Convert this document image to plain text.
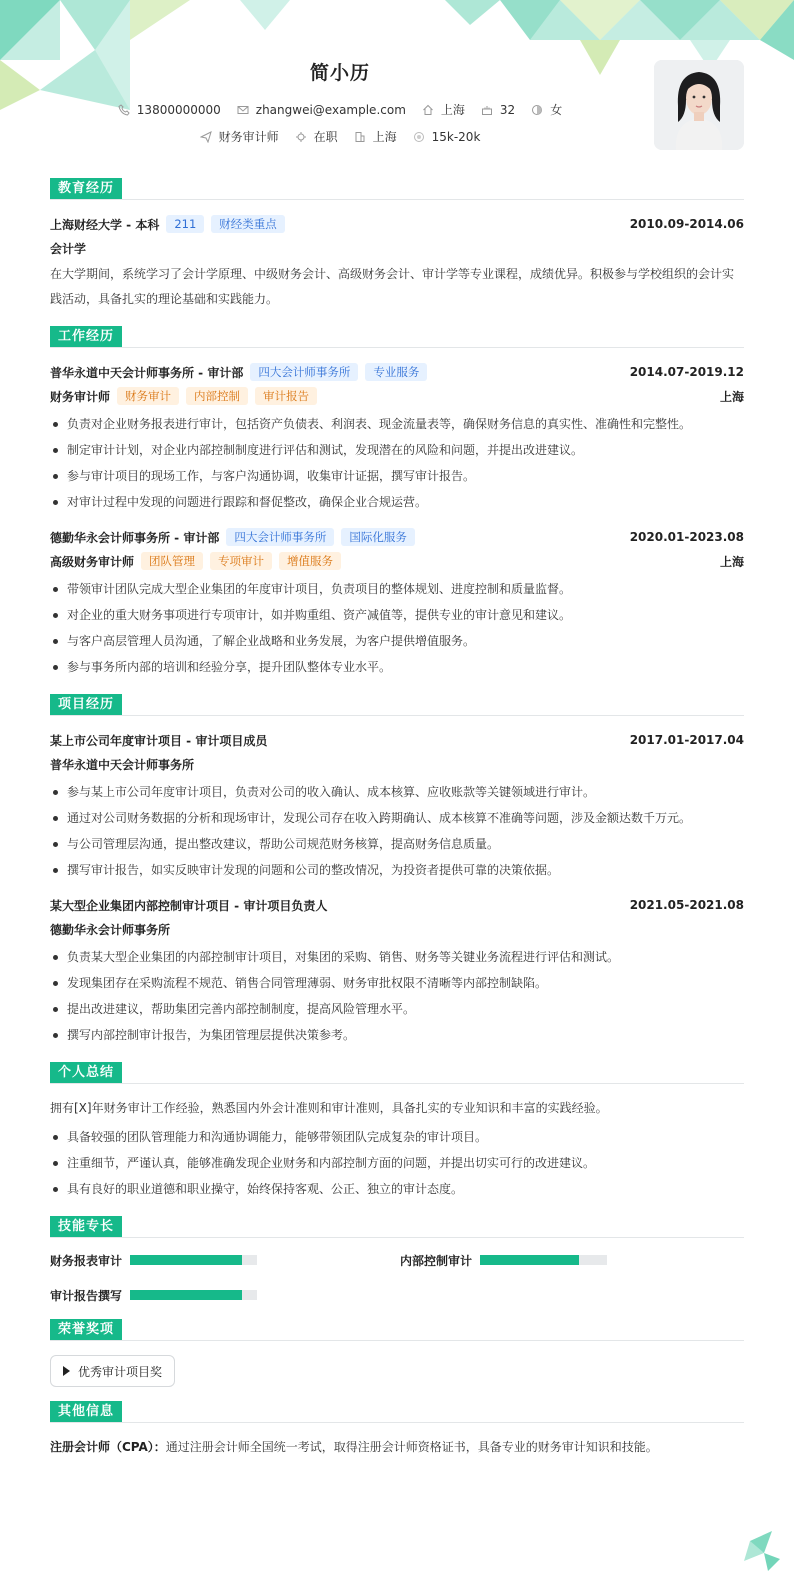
简小历
13800000000	zhangwei@example.com	上海	32	女
财务审计师	在职	上海	15k-20k
教育经历
上海财经大学 - 本科	211	财经类重点	2010.09-2014.06
会计学

在大学期间，系统学习了会计学原理、中级财务会计、高级财务会计、审计学等专业课程，成绩优异。积极参与学校组织的会计实践活动，具备扎实的理论基础和实践能力。

工作经历
普华永道中天会计师事务所 - 审计部	四大会计师事务所	专业服务	2014.07-2019.12
财务审计师	财务审计	内部控制	审计报告	上海
负责对企业财务报表进行审计，包括资产负债表、利润表、现金流量表等，确保财务信息的真实性、准确性和完整性。
制定审计计划，对企业内部控制制度进行评估和测试，发现潜在的风险和问题，并提出改进建议。
参与审计项目的现场工作，与客户沟通协调，收集审计证据，撰写审计报告。
对审计过程中发现的问题进行跟踪和督促整改，确保企业合规运营。
德勤华永会计师事务所 - 审计部	四大会计师事务所	国际化服务	2020.01-2023.08
高级财务审计师	团队管理	专项审计	增值服务	上海
带领审计团队完成大型企业集团的年度审计项目，负责项目的整体规划、进度控制和质量监督。
对企业的重大财务事项进行专项审计，如并购重组、资产减值等，提供专业的审计意见和建议。
与客户高层管理人员沟通，了解企业战略和业务发展，为客户提供增值服务。
参与事务所内部的培训和经验分享，提升团队整体专业水平。
项目经历
某上市公司年度审计项目 - 审计项目成员	2017.01-2017.04
普华永道中天会计师事务所
参与某上市公司年度审计项目，负责对公司的收入确认、成本核算、应收账款等关键领域进行审计。
通过对公司财务数据的分析和现场审计，发现公司存在收入跨期确认、成本核算不准确等问题，涉及金额达数千万元。
与公司管理层沟通，提出整改建议，帮助公司规范财务核算，提高财务信息质量。
撰写审计报告，如实反映审计发现的问题和公司的整改情况，为投资者提供可靠的决策依据。
某大型企业集团内部控制审计项目 - 审计项目负责人	2021.05-2021.08
德勤华永会计师事务所
负责某大型企业集团的内部控制审计项目，对集团的采购、销售、财务等关键业务流程进行评估和测试。
发现集团存在采购流程不规范、销售合同管理薄弱、财务审批权限不清晰等内部控制缺陷。
提出改进建议，帮助集团完善内部控制制度，提高风险管理水平。
撰写内部控制审计报告，为集团管理层提供决策参考。
个人总结

拥有[X]年财务审计工作经验，熟悉国内外会计准则和审计准则，具备扎实的专业知识和丰富的实践经验。

具备较强的团队管理能力和沟通协调能力，能够带领团队完成复杂的审计项目。
注重细节，严谨认真，能够准确发现企业财务和内部控制方面的问题，并提出切实可行的改进建议。
具有良好的职业道德和职业操守，始终保持客观、公正、独立的审计态度。
技能专长
财务报表审计	内部控制审计
审计报告撰写
荣誉奖项
优秀审计项目奖
其他信息

注册会计师（CPA）：通过注册会计师全国统一考试，取得注册会计师资格证书，具备专业的财务审计知识和技能。
